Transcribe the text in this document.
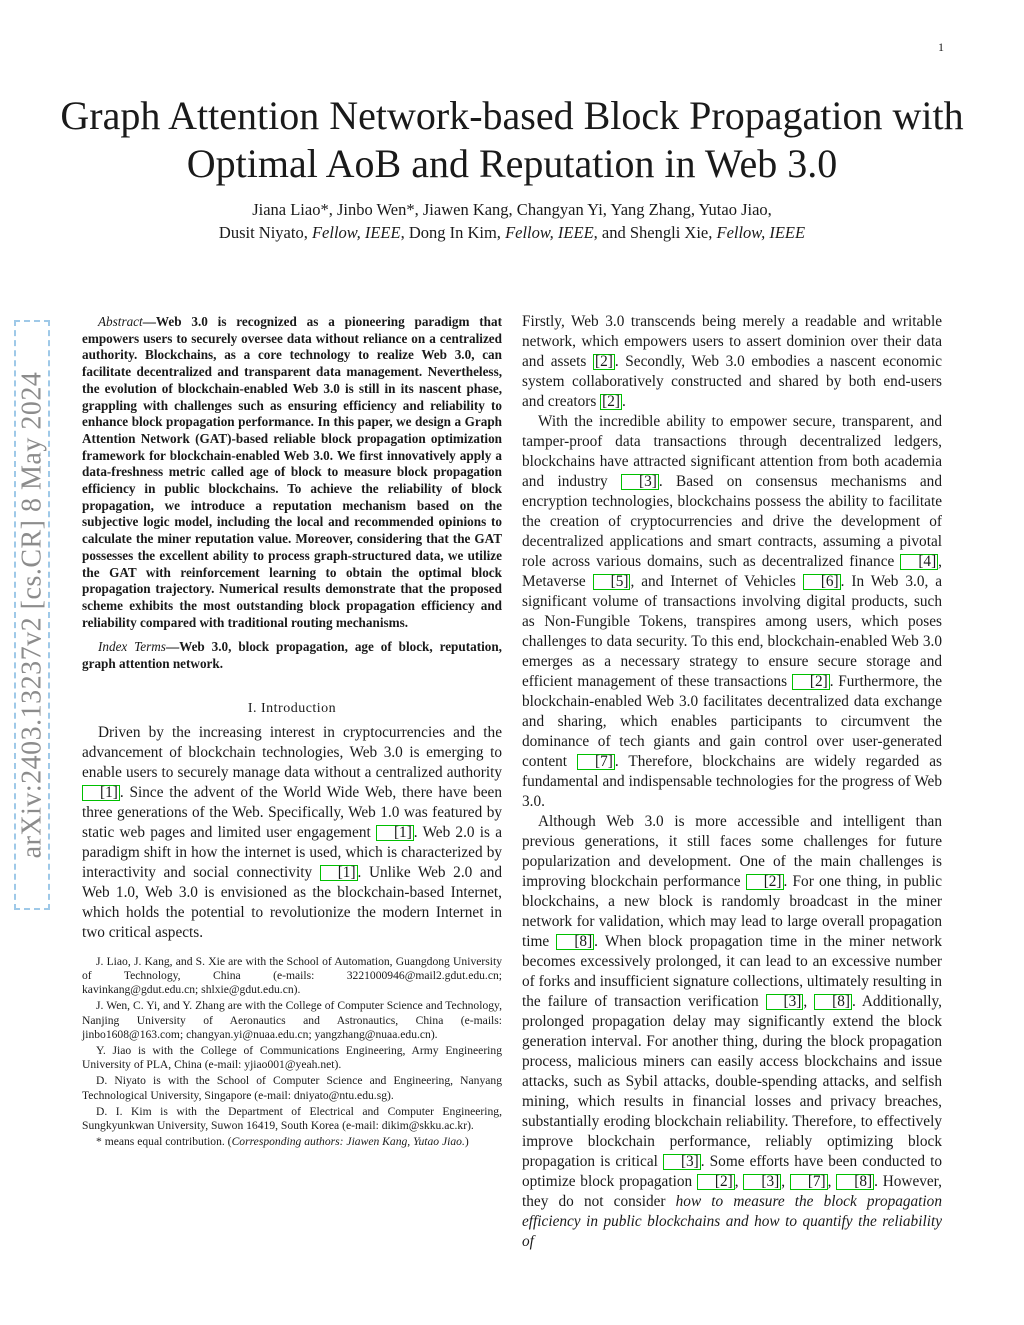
1
arXiv:2403.13237v2 [cs.CR] 8 May 2024
Graph Attention Network-based Block Propagation with Optimal AoB and Reputation in Web 3.0
Jiana Liao*, Jinbo Wen*, Jiawen Kang, Changyan Yi, Yang Zhang, Yutao Jiao,
Dusit Niyato, Fellow, IEEE, Dong In Kim, Fellow, IEEE, and Shengli Xie, Fellow, IEEE

Abstract—Web 3.0 is recognized as a pioneering paradigm that empowers users to securely oversee data without reliance on a centralized authority. Blockchains, as a core technology to realize Web 3.0, can facilitate decentralized and transparent data management. Nevertheless, the evolution of blockchain-enabled Web 3.0 is still in its nascent phase, grappling with challenges such as ensuring efficiency and reliability to enhance block propagation performance. In this paper, we design a Graph Attention Network (GAT)-based reliable block propagation optimization framework for blockchain-enabled Web 3.0. We first innovatively apply a data-freshness metric called age of block to measure block propagation efficiency in public blockchains. To achieve the reliability of block propagation, we introduce a reputation mechanism based on the subjective logic model, including the local and recommended opinions to calculate the miner reputation value. Moreover, considering that the GAT possesses the excellent ability to process graph-structured data, we utilize the GAT with reinforcement learning to obtain the optimal block propagation trajectory. Numerical results demonstrate that the proposed scheme exhibits the most outstanding block propagation efficiency and reliability compared with traditional routing mechanisms.

Index Terms—Web 3.0, block propagation, age of block, reputation, graph attention network.

I. Introduction

Driven by the increasing interest in cryptocurrencies and the advancement of blockchain technologies, Web 3.0 is emerging to enable users to securely manage data without a centralized authority [1] . Since the advent of the World Wide Web, there have been three generations of the Web. Specifically, Web 1.0 was featured by static web pages and limited user engagement [1] . Web 2.0 is a paradigm shift in how the internet is used, which is characterized by interactivity and social connectivity [1] . Unlike Web 2.0 and Web 1.0, Web 3.0 is envisioned as the blockchain-based Internet, which holds the potential to revolutionize the modern Internet in two critical aspects.

J. Liao, J. Kang, and S. Xie are with the School of Automation, Guangdong University of Technology, China (e-mails: 3221000946@mail2.gdut.edu.cn; kavinkang@gdut.edu.cn; shlxie@gdut.edu.cn).

J. Wen, C. Yi, and Y. Zhang are with the College of Computer Science and Technology, Nanjing University of Aeronautics and Astronautics, China (e-mails: jinbo1608@163.com; changyan.yi@nuaa.edu.cn; yangzhang@nuaa.edu.cn).

Y. Jiao is with the College of Communications Engineering, Army Engineering University of PLA, China (e-mail: yjiao001@yeah.net).

D. Niyato is with the School of Computer Science and Engineering, Nanyang Technological University, Singapore (e-mail: dniyato@ntu.edu.sg).

D. I. Kim is with the Department of Electrical and Computer Engineering, Sungkyunkwan University, Suwon 16419, South Korea (e-mail: dikim@skku.ac.kr).

* means equal contribution. (Corresponding authors: Jiawen Kang, Yutao Jiao.)

Firstly, Web 3.0 transcends being merely a readable and writable network, which empowers users to assert dominion over their data and assets [2] . Secondly, Web 3.0 embodies a nascent economic system collaboratively constructed and shared by both end-users and creators [2] .

With the incredible ability to empower secure, transparent, and tamper-proof data transactions through decentralized ledgers, blockchains have attracted significant attention from both academia and industry [3] . Based on consensus mechanisms and encryption technologies, blockchains possess the ability to facilitate the creation of cryptocurrencies and drive the development of decentralized applications and smart contracts, assuming a pivotal role across various domains, such as decentralized finance [4] , Metaverse [5] , and Internet of Vehicles [6] . In Web 3.0, a significant volume of transactions involving digital products, such as Non-Fungible Tokens, transpires among users, which poses challenges to data security. To this end, blockchain-enabled Web 3.0 emerges as a necessary strategy to ensure secure storage and efficient management of these transactions [2] . Furthermore, the blockchain-enabled Web 3.0 facilitates decentralized data exchange and sharing, which enables participants to circumvent the dominance of tech giants and gain control over user-generated content [7] . Therefore, blockchains are widely regarded as fundamental and indispensable technologies for the progress of Web 3.0.

Although Web 3.0 is more accessible and intelligent than previous generations, it still faces some challenges for future popularization and development. One of the main challenges is improving blockchain performance [2] . For one thing, in public blockchains, a new block is randomly broadcast in the miner network for validation, which may lead to large overall propagation time [8] . When block propagation time in the miner network becomes excessively prolonged, it can lead to an excessive number of forks and insufficient signature collections, ultimately resulting in the failure of transaction verification [3] , [8] . Additionally, prolonged propagation delay may significantly extend the block generation interval. For another thing, during the block propagation process, malicious miners can easily access blockchains and issue attacks, such as Sybil attacks, double-spending attacks, and selfish mining, which results in financial losses and privacy breaches, substantially eroding blockchain reliability. Therefore, to effectively improve blockchain performance, reliably optimizing block propagation is critical [3] . Some efforts have been conducted to optimize block propagation [2] , [3] , [7] , [8] . However, they do not consider how to measure the block propagation efficiency in public blockchains and how to quantify the reliability of
